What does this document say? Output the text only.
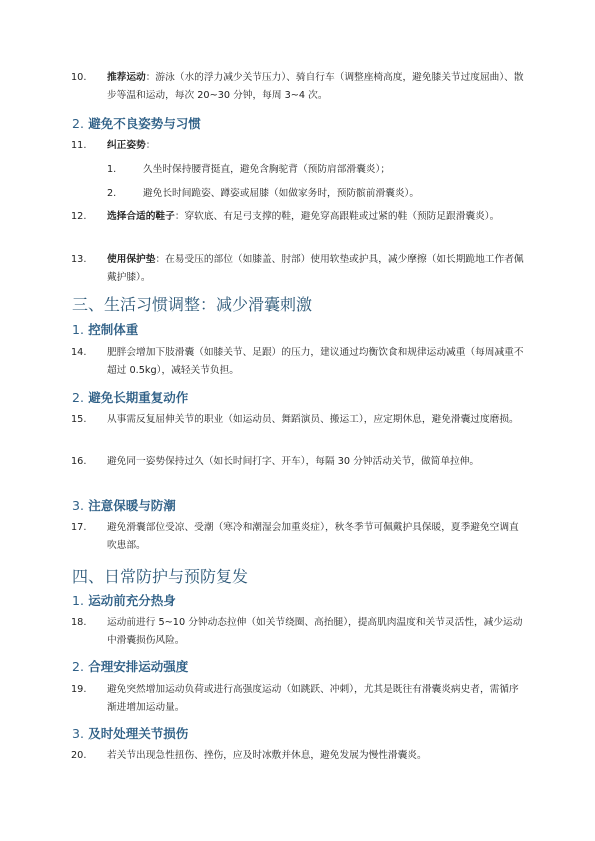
10.	推荐运动：游泳（水的浮力减少关节压力）、骑自行车（调整座椅高度，避免膝关节过度屈曲）、散步等温和运动，每次 20~30 分钟，每周 3~4 次。
2. 避免不良姿势与习惯
11.	纠正姿势：
1.	久坐时保持腰背挺直，避免含胸驼背（预防肩部滑囊炎）；
2.	避免长时间跪姿、蹲姿或屈膝（如做家务时，预防髌前滑囊炎）。
12.	选择合适的鞋子：穿软底、有足弓支撑的鞋，避免穿高跟鞋或过紧的鞋（预防足跟滑囊炎）。
13.	使用保护垫：在易受压的部位（如膝盖、肘部）使用软垫或护具，减少摩擦（如长期跪地工作者佩戴护膝）。
三、生活习惯调整：减少滑囊刺激
1. 控制体重
14.	肥胖会增加下肢滑囊（如膝关节、足跟）的压力，建议通过均衡饮食和规律运动减重（每周减重不超过 0.5kg），减轻关节负担。
2. 避免长期重复动作
15.	从事需反复屈伸关节的职业（如运动员、舞蹈演员、搬运工），应定期休息，避免滑囊过度磨损。
16.	避免同一姿势保持过久（如长时间打字、开车），每隔 30 分钟活动关节，做简单拉伸。
3. 注意保暖与防潮
17.	避免滑囊部位受凉、受潮（寒冷和潮湿会加重炎症），秋冬季节可佩戴护具保暖，夏季避免空调直吹患部。
四、日常防护与预防复发
1. 运动前充分热身
18.	运动前进行 5~10 分钟动态拉伸（如关节绕圈、高抬腿），提高肌肉温度和关节灵活性，减少运动中滑囊损伤风险。
2. 合理安排运动强度
19.	避免突然增加运动负荷或进行高强度运动（如跳跃、冲刺），尤其是既往有滑囊炎病史者，需循序渐进增加运动量。
3. 及时处理关节损伤
20.	若关节出现急性扭伤、挫伤，应及时冰敷并休息，避免发展为慢性滑囊炎。
